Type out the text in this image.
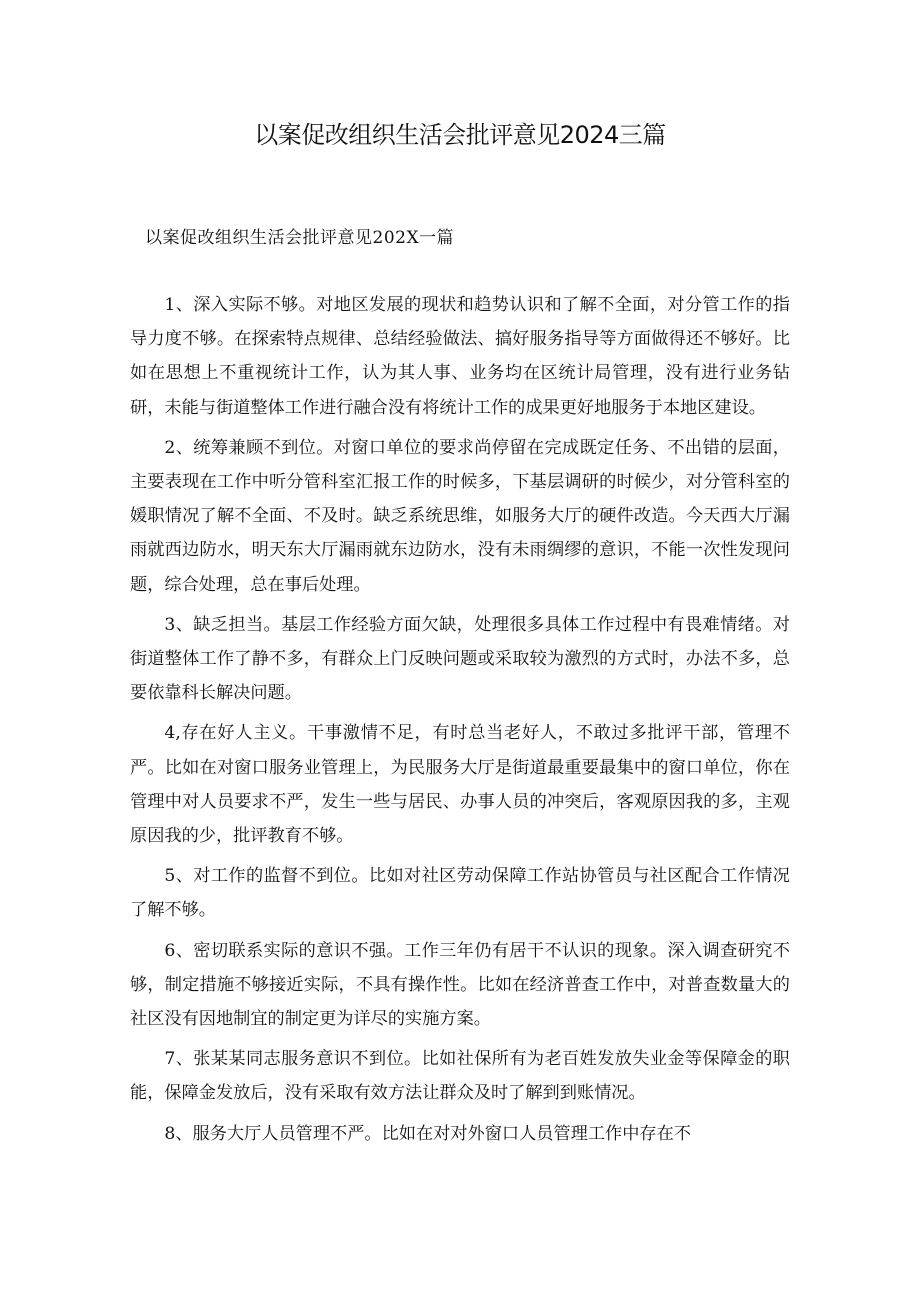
以案促改组织生活会批评意见2024三篇

以案促改组织生活会批评意见202X一篇

1、深入实际不够。对地区发展的现状和趋势认识和了解不全面，对分管工作的指导力度不够。在探索特点规律、总结经验做法、搞好服务指导等方面做得还不够好。比如在思想上不重视统计工作，认为其人事、业务均在区统计局管理，没有进行业务钻研，未能与街道整体工作进行融合没有将统计工作的成果更好地服务于本地区建设。

2、统筹兼顾不到位。对窗口单位的要求尚停留在完成既定任务、不出错的层面，主要表现在工作中听分管科室汇报工作的时候多，下基层调研的时候少，对分管科室的媛职情况了解不全面、不及时。缺乏系统思维，如服务大厅的硬件改造。今天西大厅漏雨就西边防水，明天东大厅漏雨就东边防水，没有未雨绸缪的意识，不能一次性发现问题，综合处理，总在事后处理。

3、缺乏担当。基层工作经验方面欠缺，处理很多具体工作过程中有畏难情绪。对街道整体工作了静不多，有群众上门反映问题或采取较为激烈的方式时，办法不多，总要依靠科长解决问题。

4,存在好人主义。干事激情不足，有时总当老好人，不敢过多批评干部，管理不严。比如在对窗口服务业管理上，为民服务大厅是街道最重要最集中的窗口单位，你在管理中对人员要求不严，发生一些与居民、办事人员的冲突后，客观原因我的多，主观原因我的少，批评教育不够。

5、对工作的监督不到位。比如对社区劳动保障工作站协管员与社区配合工作情况了解不够。

6、密切联系实际的意识不强。工作三年仍有居干不认识的现象。深入调查研究不够，制定措施不够接近实际，不具有操作性。比如在经济普查工作中，对普查数量大的社区没有因地制宜的制定更为详尽的实施方案。

7、张某某同志服务意识不到位。比如社保所有为老百姓发放失业金等保障金的职能，保障金发放后，没有采取有效方法让群众及时了解到到账情况。

8、服务大厅人员管理不严。比如在对对外窗口人员管理工作中存在不
